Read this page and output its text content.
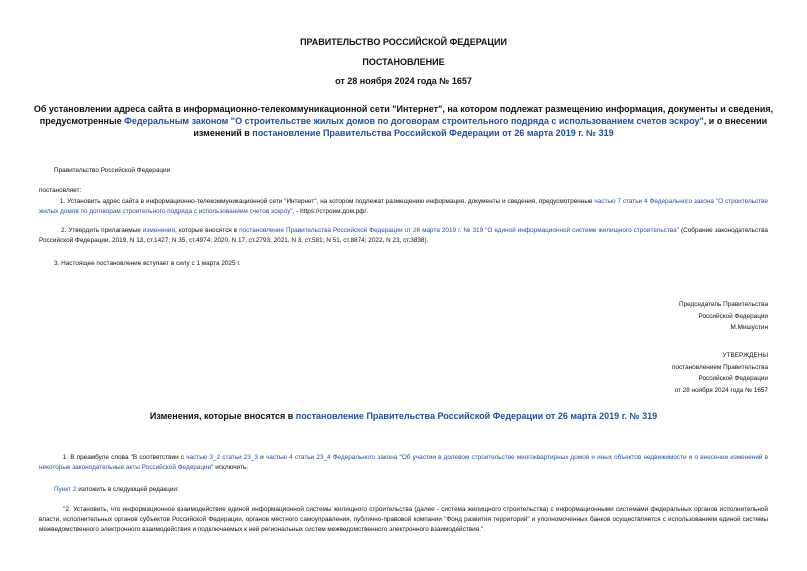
ПРАВИТЕЛЬСТВО РОССИЙСКОЙ ФЕДЕРАЦИИ
ПОСТАНОВЛЕНИЕ
от 28 ноября 2024 года № 1657
Об установлении адреса сайта в информационно-телекоммуникационной сети "Интернет", на котором подлежат размещению информация, документы и сведения, предусмотренные Федеральным законом "О строительстве жилых домов по договорам строительного подряда с использованием счетов эскроу", и о внесении изменений в постановление Правительства Российской Федерации от 26 марта 2019 г. № 319
Правительство Российской Федерации
постановляет:
1. Установить адрес сайта в информационно-телекоммуникационной сети "Интернет", на котором подлежат размещению информация, документы и сведения, предусмотренные частью 7 статьи 4 Федерального закона "О строительстве жилых домов по договорам строительного подряда с использованием счетов эскроу", - https://строим.дом.рф/.
2. Утвердить прилагаемые изменения, которые вносятся в постановление Правительства Российской Федерации от 26 марта 2019 г. № 319 "О единой информационной системе жилищного строительства" (Собрание законодательства Российской Федерации, 2019, N 13, ст.1427; N 35, ст.4974; 2020, N 17, ст.2793; 2021, N 3, ст.581; N 51, ст.8874; 2022, N 23, ст.3838).
3. Настоящее постановление вступает в силу с 1 марта 2025 г.
Председатель Правительства
Российской Федерации
М.Мишустин
УТВЕРЖДЕНЫ
постановлением Правительства
Российской Федерации
от 28 ноября 2024 года № 1657
Изменения, которые вносятся в постановление Правительства Российской Федерации от 26 марта 2019 г. № 319
1. В преамбуле слова "В соответствии с частью 3_2 статьи 23_3 и частью 4 статьи 23_4 Федерального закона "Об участии в долевом строительстве многоквартирных домов и иных объектов недвижимости и о внесении изменений в некоторые законодательные акты Российской Федерации" исключить.
Пункт 2 изложить в следующей редакции:
"2. Установить, что информационное взаимодействие единой информационной системы жилищного строительства (далее - система жилищного строительства) с информационными системами федеральных органов исполнительной власти, исполнительных органов субъектов Российской Федерации, органов местного самоуправления, публично-правовой компании "Фонд развития территорий" и уполномоченных банков осуществляется с использованием единой системы межведомственного электронного взаимодействия и подключаемых к ней региональных систем межведомственного электронного взаимодействия.".
